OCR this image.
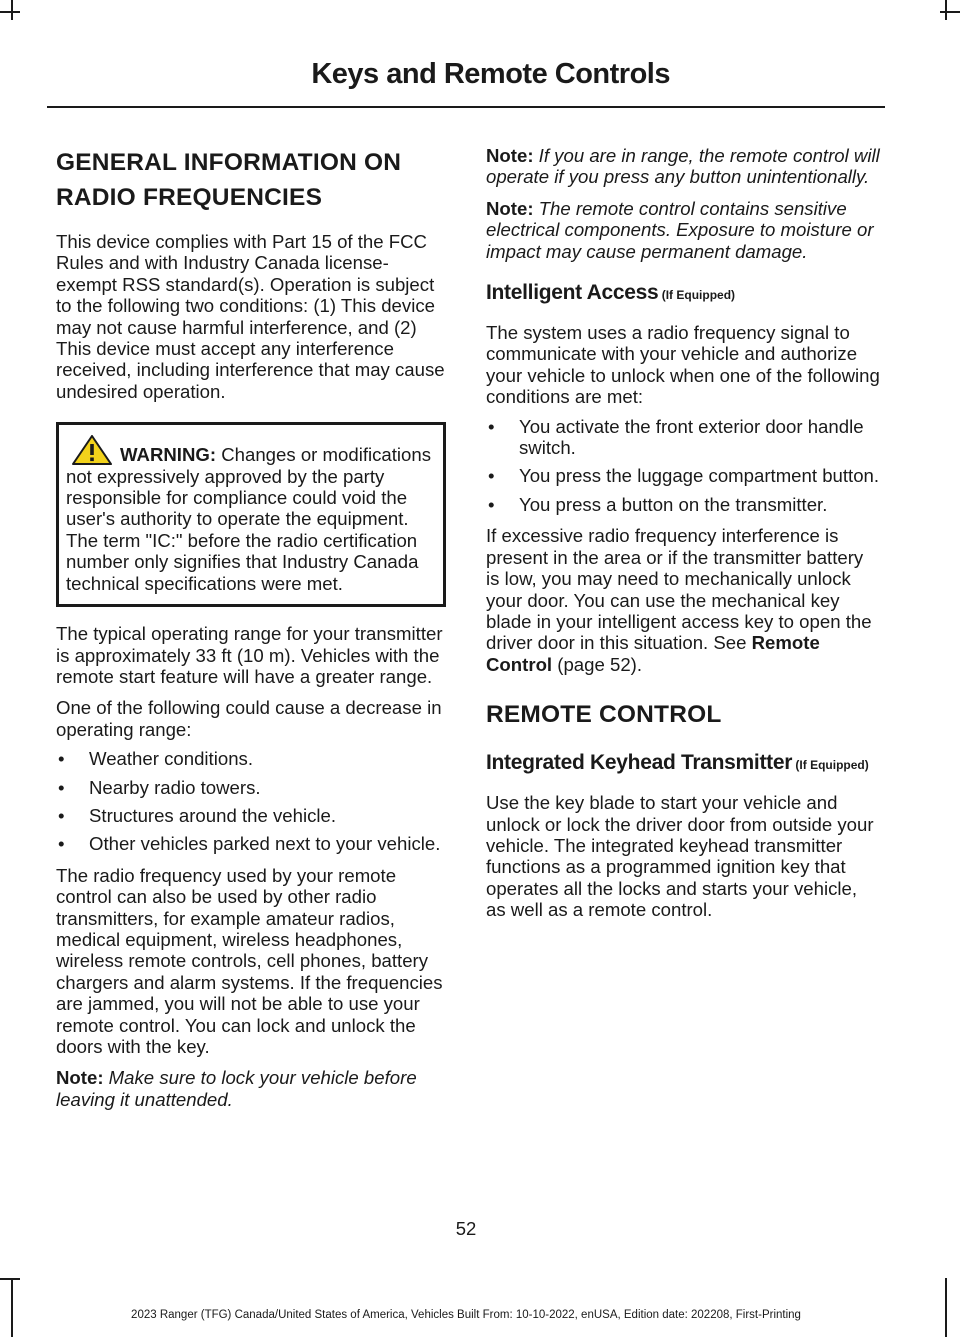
Keys and Remote Controls
GENERAL INFORMATION ON
RADIO FREQUENCIES

This device complies with Part 15 of the FCC Rules and with Industry Canada license-exempt RSS standard(s). Operation is subject to the following two conditions: (1) This device may not cause harmful interference, and (2) This device must accept any interference received, including interference that may cause undesired operation.

WARNING: Changes or modifications not expressively approved by the party responsible for compliance could void the user's authority to operate the equipment. The term "IC:" before the radio certification number only signifies that Industry Canada technical specifications were met.

The typical operating range for your transmitter is approximately 33 ft (10 m). Vehicles with the remote start feature will have a greater range.

One of the following could cause a decrease in operating range:

• Weather conditions.
• Nearby radio towers.
• Structures around the vehicle.
• Other vehicles parked next to your vehicle.

The radio frequency used by your remote control can also be used by other radio transmitters, for example amateur radios, medical equipment, wireless headphones, wireless remote controls, cell phones, battery chargers and alarm systems. If the frequencies are jammed, you will not be able to use your remote control. You can lock and unlock the doors with the key.

Note: Make sure to lock your vehicle before leaving it unattended.

Note: If you are in range, the remote control will operate if you press any button unintentionally.

Note: The remote control contains sensitive electrical components. Exposure to moisture or impact may cause permanent damage.

Intelligent Access (If Equipped)

The system uses a radio frequency signal to communicate with your vehicle and authorize your vehicle to unlock when one of the following conditions are met:

• You activate the front exterior door handle switch.
• You press the luggage compartment button.
• You press a button on the transmitter.

If excessive radio frequency interference is present in the area or if the transmitter battery is low, you may need to mechanically unlock your door. You can use the mechanical key blade in your intelligent access key to open the driver door in this situation. See Remote Control (page 52).

REMOTE CONTROL
Integrated Keyhead Transmitter (If Equipped)

Use the key blade to start your vehicle and unlock or lock the driver door from outside your vehicle. The integrated keyhead transmitter functions as a programmed ignition key that operates all the locks and starts your vehicle, as well as a remote control.

52
2023 Ranger (TFG) Canada/United States of America, Vehicles Built From: 10-10-2022, enUSA, Edition date: 202208, First-Printing
